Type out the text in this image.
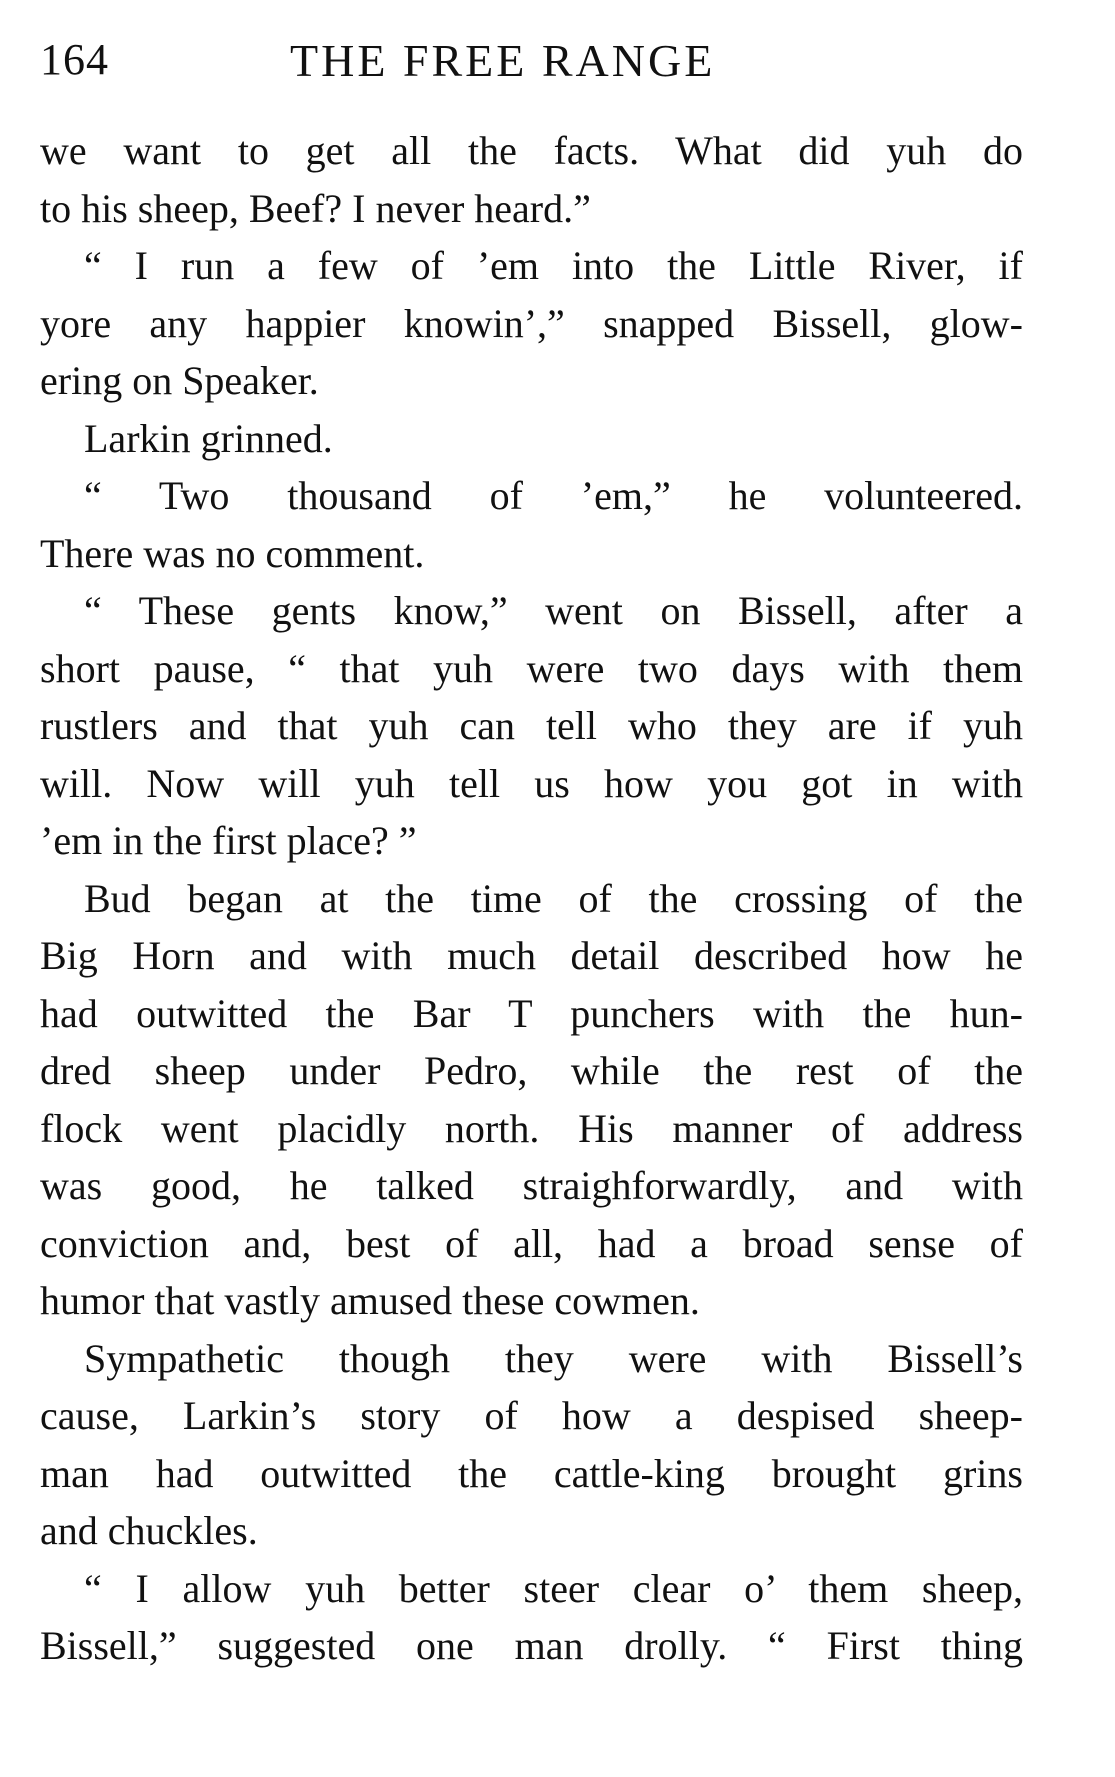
164	THE FREE RANGE
we want to get all the facts. What did yuh do
to his sheep, Beef? I never heard.”
“ I run a few of ’em into the Little River, if
yore any happier knowin’,” snapped Bissell, glow-
ering on Speaker.
Larkin grinned.
“ Two thousand of ’em,” he volunteered.
There was no comment.
“ These gents know,” went on Bissell, after a
short pause, “ that yuh were two days with them
rustlers and that yuh can tell who they are if yuh
will. Now will yuh tell us how you got in with
’em in the first place? ”
Bud began at the time of the crossing of the
Big Horn and with much detail described how he
had outwitted the Bar T punchers with the hun-
dred sheep under Pedro, while the rest of the
flock went placidly north. His manner of address
was good, he talked straighforwardly, and with
conviction and, best of all, had a broad sense of
humor that vastly amused these cowmen.
Sympathetic though they were with Bissell’s
cause, Larkin’s story of how a despised sheep-
man had outwitted the cattle-king brought grins
and chuckles.
“ I allow yuh better steer clear o’ them sheep,
Bissell,” suggested one man drolly. “ First thing
